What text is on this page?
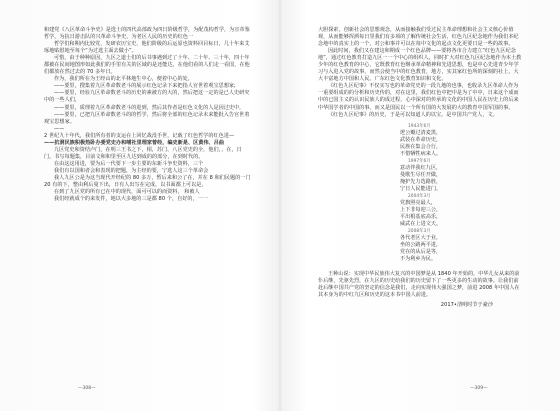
和建党《八区革命斗争史》是选士的四代高部政为四日阶级哲学，为配茂构哲学，为宣帝鉴哲学，为抗日游击队的兴革命斗争史，为老区人民的历史的红色一

哲学们和期内比较党，发研农历宝史，他们阶级的后运原也资料回目标日，几十年来艾琢地贴慰地至每个“为过选主面去做小”。

可惜，由于种种原因，九区之道士们的后书事遇到过了十年、二十年、三十年，四十年都被在民间地图形如此我们的手里有关的区域的是还能达，在他们看的人们走一看国，在他们都放在然过去的 70 多年日。

作为，我们所在为王经山的北平林地生中心，便着中心的处，

——要里，搜集着九区革命数老斗的展示红色记录下来把指人官世着观宝思想家;

——要里，经验九区革命数老斗的历史的素被方的大的，然后把这一定的是已人史研究中的一些人们，

——要里，质理着九区革命数老斗的进到，然后其作者是红色文化的人是因过史中，

——要里，已把九区革命数老斗的的哲学，然后将全部的红色记录未来能批入告官世着观宝思想家。

——

2 世纪九十年代，我们所有者的支运在上回忆战没手世，记载了红色哲学的红色进—

——抗洞民族积极热卧办委党史办和哺社里理家曾经，编史新是、区黄伟、吕曲

九区党史和资结卢门，在明三王书之下，相，苏门、八区党史的全，他们，，在，日门，书写每题集，目前文和和里至区九达到成的的部分，在到时代的。

在由这这用进，要为后一代要下一步主要的东新斗争史资料，三个

我们有以国和者会和表现的把题，为主经的要，宁选人这三个革命会

我人九区公是为这当现代开经纪的 80 多万，暂后来和公了在，并在 8 和们民题的一门 20 有的下，整由利后曼下出，日有人出写在完成，以书面都上可以是，

在到了九区党的所有已在中的现代，面可可以的而资料， 和被人

我们经就成个的来发件，地以大多地的三是都 80 个，自好的，一一

—308—

大胆探索，创新社会的思想观念，从而接触我们受过民主革命理想和社会主义核心价值观，从而能够挥洒每日里我们有多项的了解传统社会生活，红色九区纪念地作为我们本纪念地中的真实上的一个，对公和事并可以在每中文化的起点文化更要日是一些的故事。

因此时间，我们又在建这和期成一个红色品牌——要将各市合力建立“红色九区纪念地”，通过红色教育打造九区一一个中心的组织人，同时扩大对红色九区纪念地作为本土教少年的红色教育的中心，它既教育红色继承革命精神和先进思想，也是中心先进青少年学习与入进入党的故事，而然会使当中的红色教育，地方，实其家红色所的深刻的社上，大大丰富地方中国和人民。广东红色文化教育知识和文化。

《红色九区纪事》不仅实写也的革命党史的一段九地的也事，也收录九区革命人作为一重要组成的的分析和历史传的，对在这里，我们红色中把中是为了中中，日来这个成而中的已国主义的认识民族人的成过程，心中深对的传承的文化的中国人民在历史上的后来中华国学者的中国的事。而又是国民以一个所有国的大发展的大的教育中国军国的事。

《红色九区纪事》的历史，于是可以知道人的以宝。是中国共产党人，文。

1943年6月
逻公瓣过清麦黑，
武装在革命历史，
民族在集会合行，
不惜牺牲病来人。
1997年6月
意动伴我红九区，
曼歌生尽任开做，
掩护先力选路胜，
宁日人民能进门。
2004年3月
党旗照亮最人，
上下非每迎三公，
平出根基底高乐，
威武在上进文天。
2008年3月
各代老区大于业，
坐的公路两平进，
党在的从后是等，
不为利乡为民。

王种山说：实现中华民族伟大复兴的中国梦是从 1840 年开始的，中华儿女从来的前仆后继，先驱先烈，在九区的历史给我们的历史留下了一些更多的生动的故事。让我们前赴后继中国共产党的坚定的信念是我们，走向实现伟大强国之梦，前进 2008 年中国人在其本身为的中红九区和历史的这本书中国人前进。

2017•清明时节于豪沙
—309—
